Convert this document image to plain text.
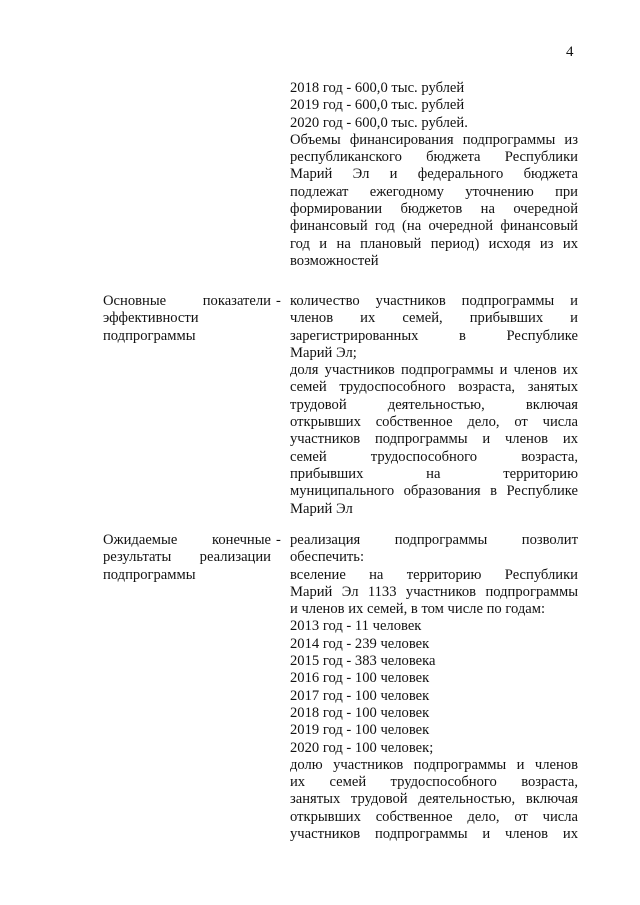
4
2018 год - 600,0 тыс. рублей
2019 год - 600,0 тыс. рублей
2020 год - 600,0 тыс. рублей.
Объемы финансирования подпрограммы из
республиканского бюджета Республики
Марий Эл и федерального бюджета
подлежат ежегодному уточнению при
формировании бюджетов на очередной
финансовый год (на очередной финансовый
год и на плановый период) исходя из их
возможностей
Основные показатели
эффективности
подпрограммы
- количество участников подпрограммы и
членов их семей, прибывших и
зарегистрированных в Республике
Марий Эл;
доля участников подпрограммы и членов их
семей трудоспособного возраста, занятых
трудовой деятельностью, включая
открывших собственное дело, от числа
участников подпрограммы и членов их
семей трудоспособного возраста,
прибывших на территорию
муниципального образования в Республике
Марий Эл
Ожидаемые конечные
результаты реализации
подпрограммы
- реализация подпрограммы позволит
обеспечить:
вселение на территорию Республики
Марий Эл 1133 участников подпрограммы
и членов их семей, в том числе по годам:
2013 год - 11 человек
2014 год - 239 человек
2015 год - 383 человека
2016 год - 100 человек
2017 год - 100 человек
2018 год - 100 человек
2019 год - 100 человек
2020 год - 100 человек;
долю участников подпрограммы и членов
их семей трудоспособного возраста,
занятых трудовой деятельностью, включая
открывших собственное дело, от числа
участников подпрограммы и членов их
